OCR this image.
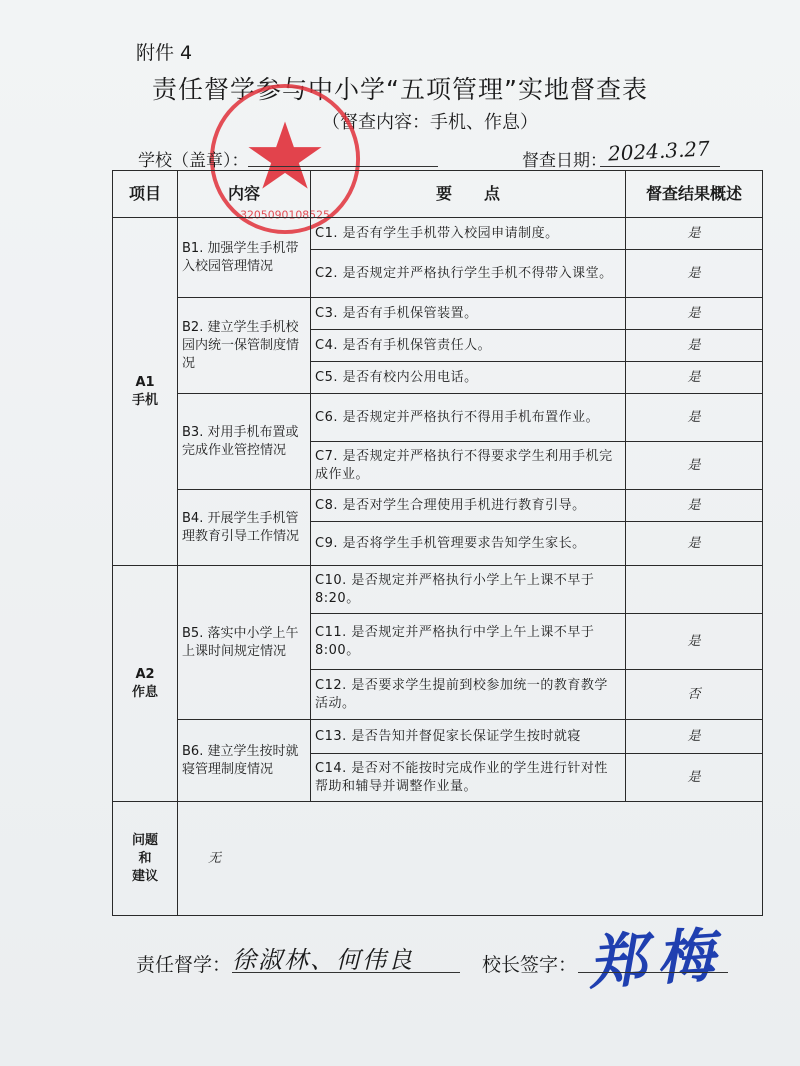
附件 4
责任督学参与中小学“五项管理”实地督查表
（督查内容：手机、作息）
3205090108525
学校（盖章）：	督查日期： 2024.3.27
项目	内容	要　　点	督查结果概述

A1
手机	B1. 加强学生手机带入校园管理情况	C1. 是否有学生手机带入校园申请制度。	是
		C2. 是否规定并严格执行学生手机不得带入课堂。	是
	B2. 建立学生手机校园内统一保管制度情况	C3. 是否有手机保管装置。	是
		C4. 是否有手机保管责任人。	是
		C5. 是否有校内公用电话。	是
	B3. 对用手机布置或完成作业管控情况	C6. 是否规定并严格执行不得用手机布置作业。	是
		C7. 是否规定并严格执行不得要求学生利用手机完成作业。	是
	B4. 开展学生手机管理教育引导工作情况	C8. 是否对学生合理使用手机进行教育引导。	是
		C9. 是否将学生手机管理要求告知学生家长。	是

A2
作息	B5. 落实中小学上午上课时间规定情况	C10. 是否规定并严格执行小学上午上课不早于8:20。	
		C11. 是否规定并严格执行中学上午上课不早于8:00。	是
		C12. 是否要求学生提前到校参加统一的教育教学活动。	否
	B6. 建立学生按时就寝管理制度情况	C13. 是否告知并督促家长保证学生按时就寝	是
		C14. 是否对不能按时完成作业的学生进行针对性帮助和辅导并调整作业量。	是

问题
和
建议	无		
责任督学： 徐淑林、何伟良	校长签字： 郑梅
